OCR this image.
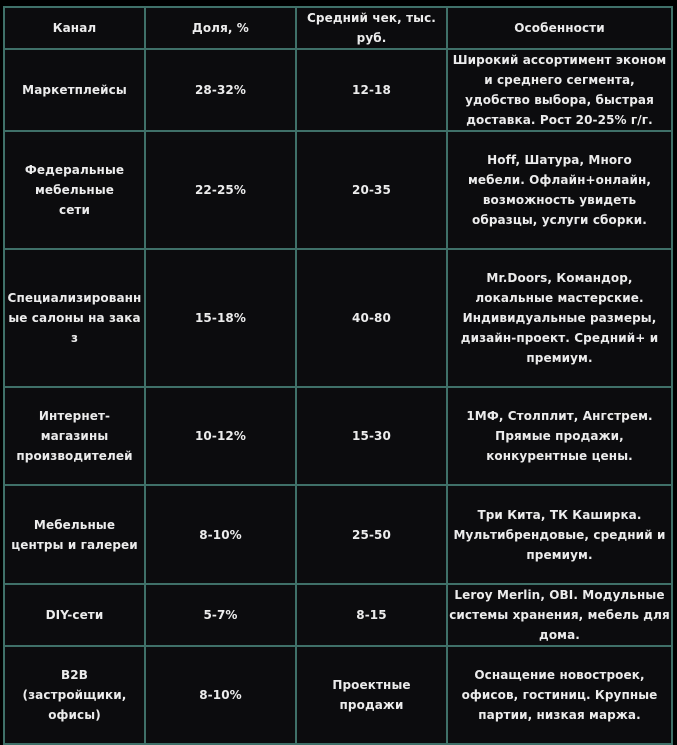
Канал	Доля, %	Средний чек, тыс. руб.	Особенности
Маркетплейсы	28-32%	12-18	Широкий ассортимент эконом и среднего сегмента, удобство выбора, быстрая доставка. Рост 20-25% г/г.
Федеральные мебельные сети	22-25%	20-35	Hoff, Шатура, Много мебели. Офлайн+онлайн, возможность увидеть образцы, услуги сборки.
Специализированные салоны на заказ	15-18%	40-80	Mr.Doors, Командор, локальные мастерские. Индивидуальные размеры, дизайн-проект. Средний+ и премиум.
Интернет-магазины производителей	10-12%	15-30	1МФ, Столплит, Ангстрем. Прямые продажи, конкурентные цены.
Мебельные центры и галереи	8-10%	25-50	Три Кита, ТК Каширка. Мультибрендовые, средний и премиум.
DIY-сети	5-7%	8-15	Leroy Merlin, OBI. Модульные системы хранения, мебель для дома.
B2B (застройщики, офисы)	8-10%	Проектные продажи	Оснащение новостроек, офисов, гостиниц. Крупные партии, низкая маржа.
